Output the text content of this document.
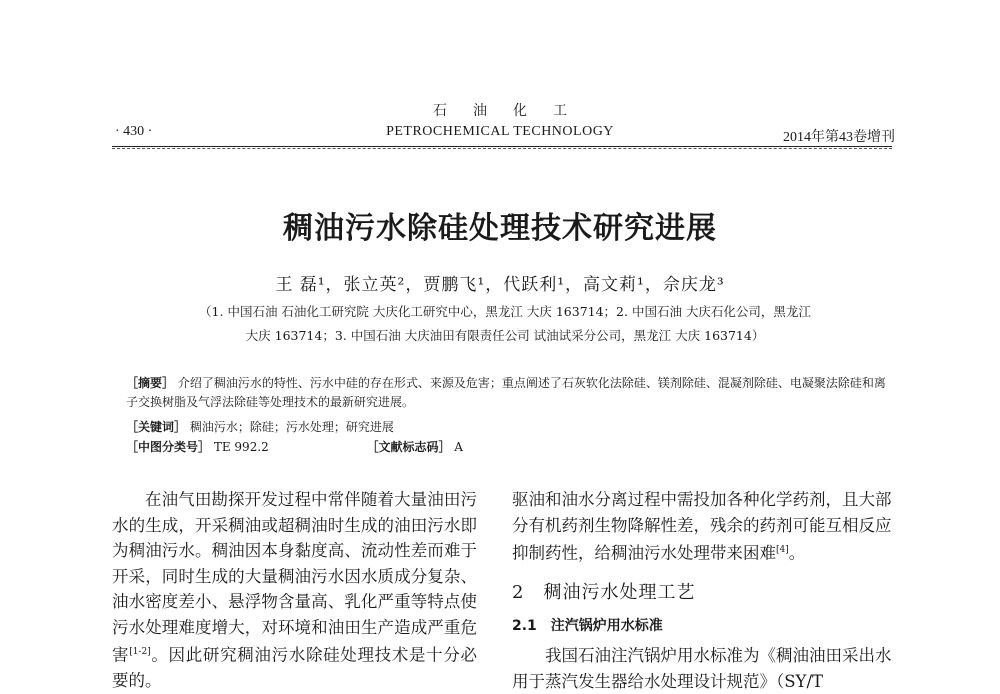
石油化工
· 430 ·	PETROCHEMICAL TECHNOLOGY	2014年第43卷增刊
稠油污水除硅处理技术研究进展
王 磊¹，张立英²，贾鹏飞¹，代跃利¹，高文莉¹，佘庆龙³
（1. 中国石油 石油化工研究院 大庆化工研究中心，黑龙江 大庆 163714；2. 中国石油 大庆石化公司，黑龙江
大庆 163714；3. 中国石油 大庆油田有限责任公司 试油试采分公司，黑龙江 大庆 163714）
［摘要］ 介绍了稠油污水的特性、污水中硅的存在形式、来源及危害；重点阐述了石灰软化法除硅、镁剂除硅、混凝剂除硅、电凝聚法除硅和离子交换树脂及气浮法除硅等处理技术的最新研究进展。
［关键词］ 稠油污水；除硅；污水处理；研究进展
［中图分类号］ TE 992.2	［文献标志码］ A

在油气田勘探开发过程中常伴随着大量油田污水的生成，开采稠油或超稠油时生成的油田污水即为稠油污水。稠油因本身黏度高、流动性差而难于开采，同时生成的大量稠油污水因水质成分复杂、油水密度差小、悬浮物含量高、乳化严重等特点使污水处理难度增大，对环境和油田生产造成严重危害[1-2]。因此研究稠油污水除硅处理技术是十分必要的。

驱油和油水分离过程中需投加各种化学药剂，且大部分有机药剂生物降解性差，残余的药剂可能互相反应抑制药性，给稠油污水处理带来困难[4]。

2　稠油污水处理工艺

2.1　注汽锅炉用水标准

我国石油注汽锅炉用水标准为《稠油油田采出水用于蒸汽发生器给水处理设计规范》（SY/T
